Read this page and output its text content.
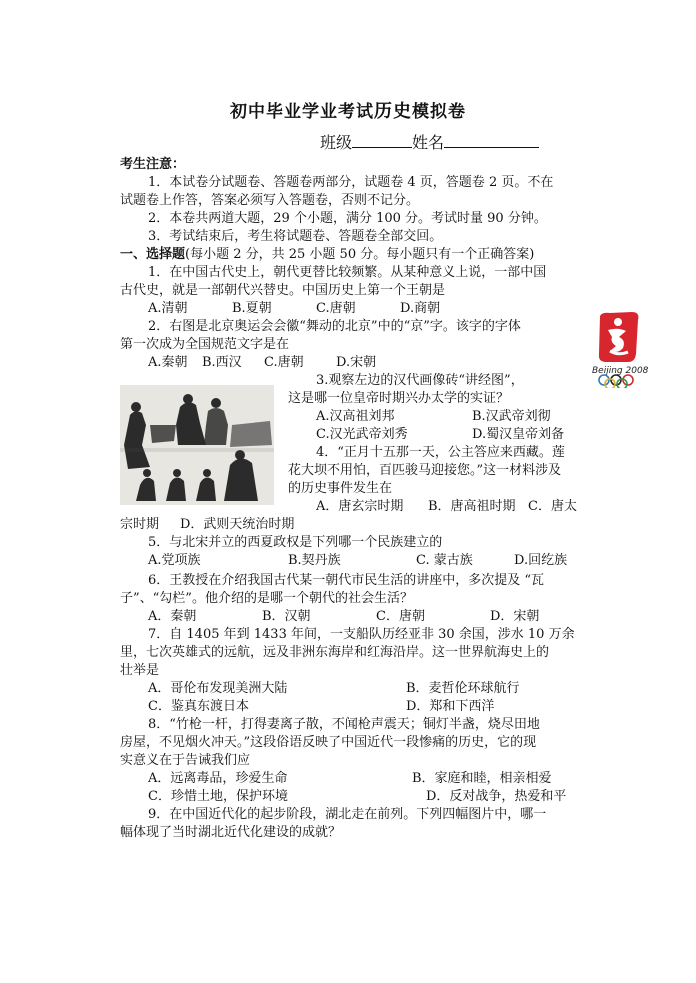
初中毕业学业考试历史模拟卷
班级	姓名
考生注意：
1．本试卷分试题卷、答题卷两部分，试题卷 4 页，答题卷 2 页。不在
试题卷上作答，答案必须写入答题卷，否则不记分。
2．本卷共两道大题，29 个小题，满分 100 分。考试时量 90 分钟。
3．考试结束后，考生将试题卷、答题卷全部交回。
一、选择题(每小题 2 分，共 25 小题 50 分。每小题只有一个正确答案)
1．在中国古代史上，朝代更替比较频繁。从某种意义上说，一部中国
古代史，就是一部朝代兴替史。中国历史上第一个王朝是
A.清朝	B.夏朝	C.唐朝	D.商朝
2．右图是北京奥运会会徽“舞动的北京”中的“京”字。该字的字体
第一次成为全国规范文字是在
A.秦朝 B.西汉 C.唐朝 D.宋朝
Beijing 2008
3.观察左边的汉代画像砖“讲经图”，
这是哪一位皇帝时期兴办太学的实证？
A.汉高祖刘邦	B.汉武帝刘彻
C.汉光武帝刘秀	D.蜀汉皇帝刘备
4．“正月十五那一天，公主答应来西藏。莲
花大坝不用怕，百匹骏马迎接您。”这一材料涉及
的历史事件发生在
A．唐玄宗时期 B．唐高祖时期 C．唐太
宗时期 D．武则天统治时期
5．与北宋并立的西夏政权是下列哪一个民族建立的
A.党项族	B.契丹族	C. 蒙古族	D.回纥族
6．王教授在介绍我国古代某一朝代市民生活的讲座中，多次提及 “瓦
子”、“勾栏”。他介绍的是哪一个朝代的社会生活？
A．秦朝	B．汉朝	C．唐朝	D．宋朝
7．自 1405 年到 1433 年间，一支船队历经亚非 30 余国，涉水 10 万余
里，七次英雄式的远航，远及非洲东海岸和红海沿岸。这一世界航海史上的
壮举是
A．哥伦布发现美洲大陆	B．麦哲伦环球航行
C．鉴真东渡日本	D．郑和下西洋
8．“竹枪一杆，打得妻离子散，不闻枪声震天；铜灯半盏，烧尽田地
房屋，不见烟火冲天。”这段俗语反映了中国近代一段惨痛的历史，它的现
实意义在于告诫我们应
A．远离毒品，珍爱生命	B．家庭和睦，相亲相爱
C．珍惜土地，保护环境	D．反对战争，热爱和平
9．在中国近代化的起步阶段，湖北走在前列。下列四幅图片中，哪一
幅体现了当时湖北近代化建设的成就？
